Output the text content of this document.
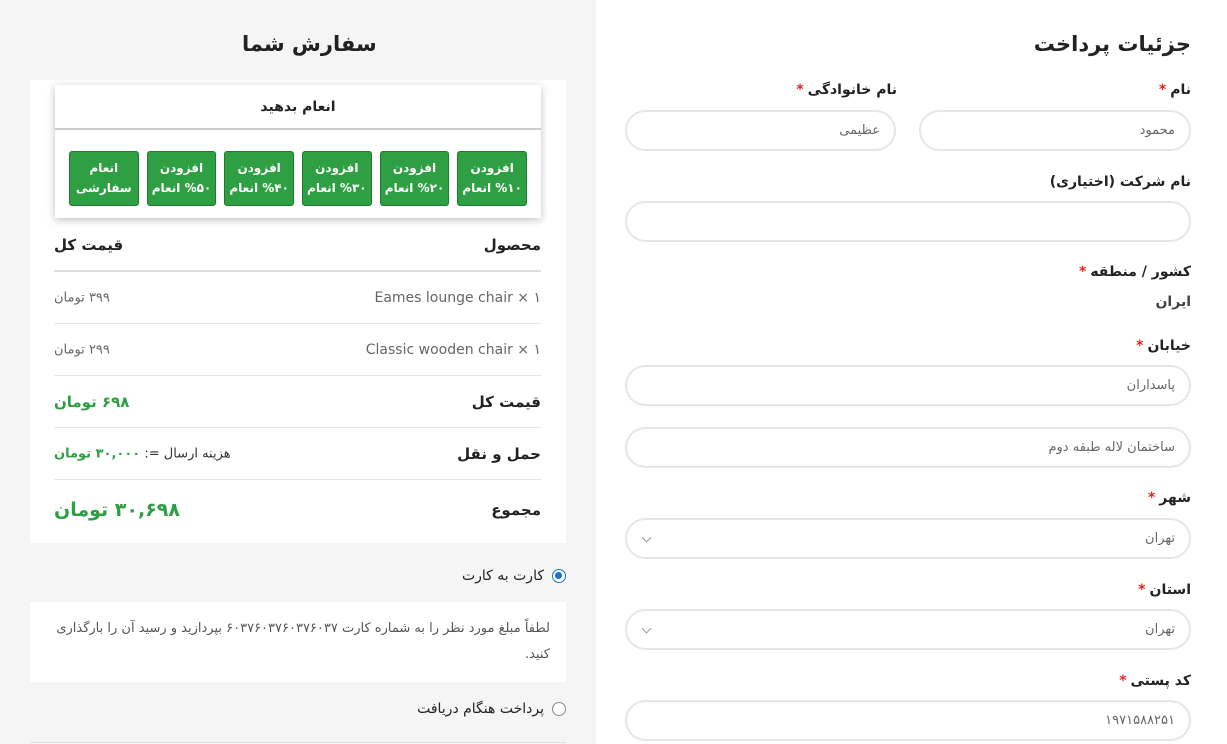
جزئیات پرداخت
نام*
محمود
نام خانوادگی*
عظیمی
نام شرکت (اختیاری)
کشور / منطقه*
ایران
خیابان*
پاسداران
ساختمان لاله طبقه دوم
شهر*
تهران
استان*
تهران
کد پستی*
۱۹۷۱۵۸۸۲۵۱
سفارش شما
انعام بدهید
افزودن
%۱۰ انعام
افزودن
%۲۰ انعام
افزودن
%۳۰ انعام
افزودن
%۴۰ انعام
افزودن
%۵۰ انعام
انعام
سفارشی
محصول
قیمت کل
Eames lounge chair × ۱
۳۹۹ تومان
Classic wooden chair × ۱
۲۹۹ تومان
قیمت کل
۶۹۸ تومان
حمل و نقل
هزینه ارسال =: ۳۰,۰۰۰ تومان
مجموع
۳۰,۶۹۸ تومان
کارت به کارت
لطفاً مبلغ مورد نظر را به شماره کارت ۶۰۳۷۶۰۳۷۶۰۳۷۶۰۳۷ بپردازید و رسید آن را بارگذاری کنید.
پرداخت هنگام دریافت
